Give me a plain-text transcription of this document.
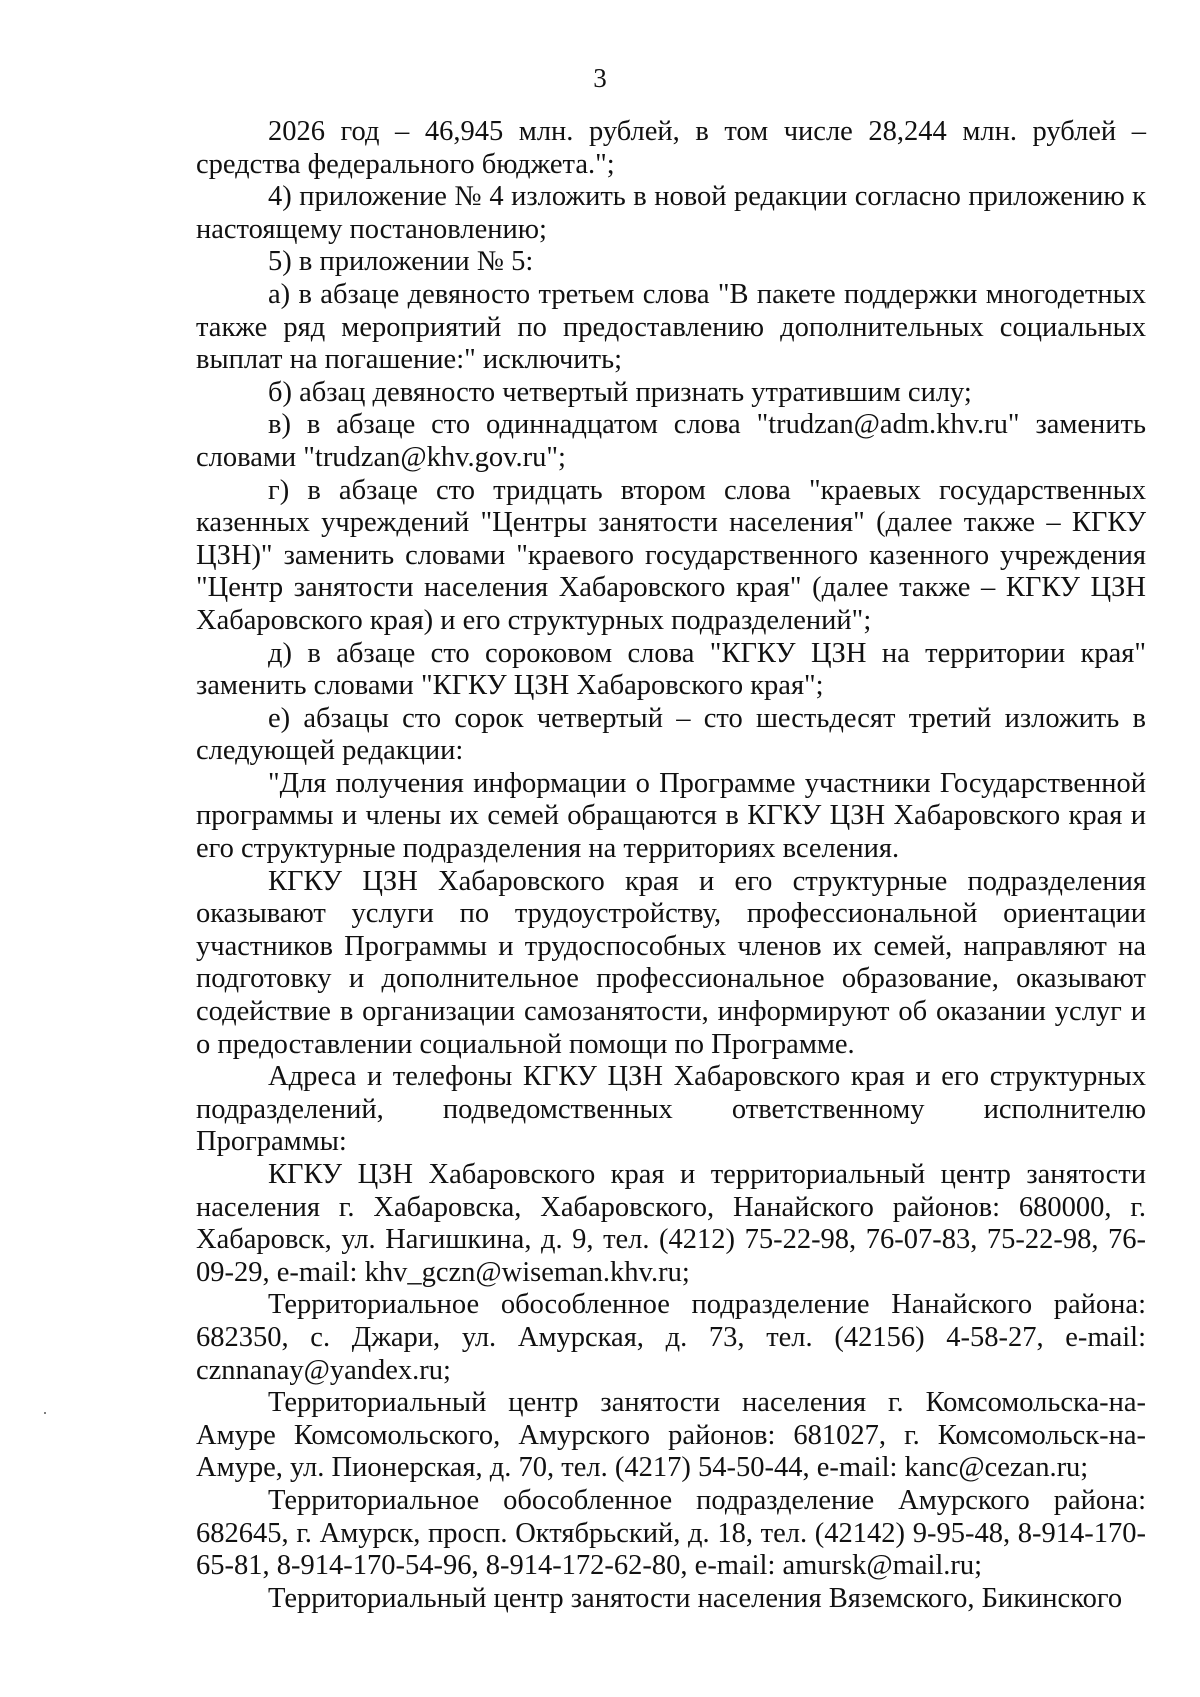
3

2026 год – 46,945 млн. рублей, в том числе 28,244 млн. рублей – средства федерального бюджета.";

4) приложение № 4 изложить в новой редакции согласно приложению к настоящему постановлению;

5) в приложении № 5:

а) в абзаце девяносто третьем слова "В пакете поддержки многодетных также ряд мероприятий по предоставлению дополнительных социальных выплат на погашение:" исключить;

б) абзац девяносто четвертый признать утратившим силу;

в) в абзаце сто одиннадцатом слова "trudzan@adm.khv.ru" заменить словами "trudzan@khv.gov.ru";

г) в абзаце сто тридцать втором слова "краевых государственных казенных учреждений "Центры занятости населения" (далее также – КГКУ ЦЗН)" заменить словами "краевого государственного казенного учреждения "Центр занятости населения Хабаровского края" (далее также – КГКУ ЦЗН Хабаровского края) и его структурных подразделений";

д) в абзаце сто сороковом слова "КГКУ ЦЗН на территории края" заменить словами "КГКУ ЦЗН Хабаровского края";

е) абзацы сто сорок четвертый – сто шестьдесят третий изложить в следующей редакции:

"Для получения информации о Программе участники Государственной программы и члены их семей обращаются в КГКУ ЦЗН Хабаровского края и его структурные подразделения на территориях вселения.

КГКУ ЦЗН Хабаровского края и его структурные подразделения оказывают услуги по трудоустройству, профессиональной ориентации участников Программы и трудоспособных членов их семей, направляют на подготовку и дополнительное профессиональное образование, оказывают содействие в организации самозанятости, информируют об оказании услуг и о предоставлении социальной помощи по Программе.

Адреса и телефоны КГКУ ЦЗН Хабаровского края и его структурных подразделений, подведомственных ответственному исполнителю Программы:

КГКУ ЦЗН Хабаровского края и территориальный центр занятости населения г. Хабаровска, Хабаровского, Нанайского районов: 680000, г. Хабаровск, ул. Нагишкина, д. 9, тел. (4212) 75-22-98, 76-07-83, 75-22-98, 76-09-29, e-mail: khv_gczn@wiseman.khv.ru;

Территориальное обособленное подразделение Нанайского района: 682350, с. Джари, ул. Амурская, д. 73, тел. (42156) 4-58-27, e-mail: cznnanay@yandex.ru;

Территориальный центр занятости населения г. Комсомольска-на-Амуре Комсомольского, Амурского районов: 681027, г. Комсомольск-на-Амуре, ул. Пионерская, д. 70, тел. (4217) 54-50-44, e-mail: kanc@cezan.ru;

Территориальное обособленное подразделение Амурского района: 682645, г. Амурск, просп. Октябрьский, д. 18, тел. (42142) 9-95-48, 8-914-170-65-81, 8-914-170-54-96, 8-914-172-62-80, e-mail: amursk@mail.ru;

Территориальный центр занятости населения Вяземского, Бикинского
